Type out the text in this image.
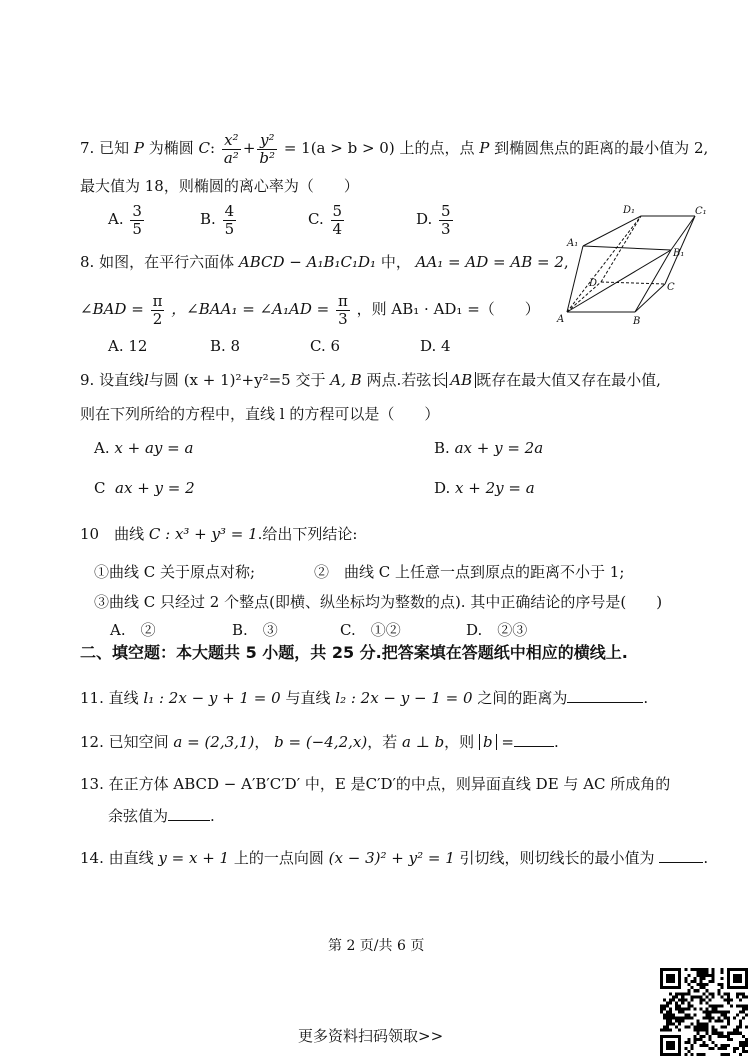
7. 已知 P 为椭圆 C: $\frac{\text{x²}}{\text{a²}} + \frac{\text{y²}}{\text{b²}} = 1(a > b > 0)$ 上的点，点 P 到椭圆焦点的距离的最小值为 2,
最大值为 18，则椭圆的离心率为（　　）
A. $\frac{3}{5}$	B. $\frac{4}{5}$	C. $\frac{5}{4}$	D. $\frac{5}{3}$	D₁	C₁
A₁
B₁
D	C
A	B
8. 如图，在平行六面体 ABCD − A₁B₁C₁D₁ 中， AA₁ = AD = AB = 2,
∠BAD = $\frac{\pi}{2}$ ，∠BAA₁ = ∠A₁AD = $\frac{\pi}{3}$ ，则 AB₁ · AD₁ =（　　）
A. 12	B. 8	C. 6	D. 4
9. 设直线l与圆 (x + 1)²+y²=5 交于 A, B 两点.若弦长 AB 既存在最大值又存在最小值,
则在下列所给的方程中，直线 l 的方程可以是（　　）
A. x + ay = a	B. ax + y = 2a
C ax + y = 2	D. x + 2y = a
10　曲线 C : x³ + y³ = 1.给出下列结论:
①曲线 C 关于原点对称;	②　曲线 C 上任意一点到原点的距离不小于 1;
③曲线 C 只经过 2 个整点(即横、纵坐标均为整数的点). 其中正确结论的序号是(　　)
A.　②	B.　③	C.　①②	D.　②③
二、填空题：本大题共 5 小题，共 25 分.把答案填在答题纸中相应的横线上.
11. 直线 l₁ : 2x − y + 1 = 0 与直线 l₂ : 2x − y − 1 = 0 之间的距离为	.
12. 已知空间 a = (2,3,1)， b = (−4,2,x)，若 a ⊥ b，则 b =	.
13. 在正方体 ABCD − A′B′C′D′ 中，E 是C′D′的中点，则异面直线 DE 与 AC 所成角的
余弦值为	.
14. 由直线 y = x + 1 上的一点向圆 (x − 3)² + y² = 1 引切线，则切线长的最小值为	.
第 2 页/共 6 页
更多资料扫码领取>>
